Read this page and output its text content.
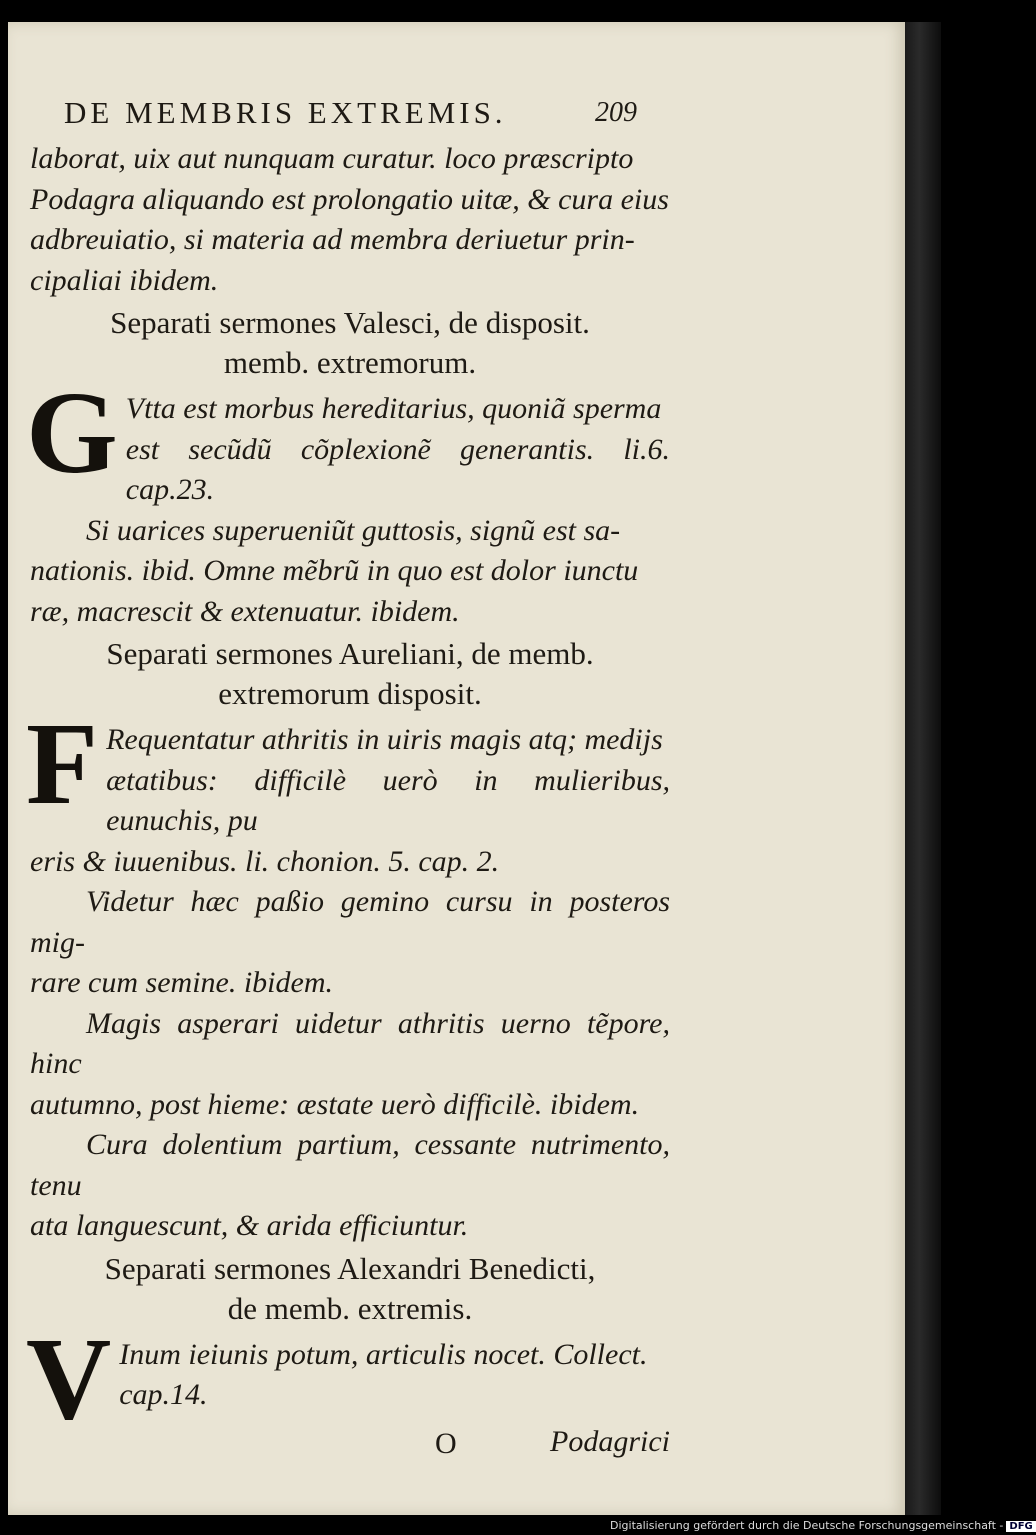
DE MEMBRIS EXTREMIS.	209

laborat, uix aut nunquam curatur. loco præscripto

Podagra aliquando est prolongatio uitæ, & cura eius

adbreuiatio, si materia ad membra deriuetur prin-

cipaliai ibidem.

Separati sermones Valesci, de disposit.
memb. extremorum.

G Vtta est morbus hereditarius, quoniã sperma

est secũdũ cõplexionẽ generantis. li.6. cap.23.

Si uarices superueniũt guttosis, signũ est sa-

nationis. ibid. Omne mẽbrũ in quo est dolor iunctu

ræ, macrescit & extenuatur. ibidem.

Separati sermones Aureliani, de memb.
extremorum disposit.

F Requentatur athritis in uiris magis atq; medijs

ætatibus: difficilè uerò in mulieribus, eunuchis, pu

eris & iuuenibus. li. chonion. 5. cap. 2.

Videtur hæc paßio gemino cursu in posteros mig-

rare cum semine. ibidem.

Magis asperari uidetur athritis uerno tẽpore, hinc

autumno, post hieme: æstate uerò difficilè. ibidem.

Cura dolentium partium, cessante nutrimento, tenu

ata languescunt, & arida efficiuntur.

Separati sermones Alexandri Benedicti,
de memb. extremis.

V Inum ieiunis potum, articulis nocet. Collect.

cap.14.

O	Podagrici
Digitalisierung gefördert durch die Deutsche Forschungsgemeinschaft - DFG
